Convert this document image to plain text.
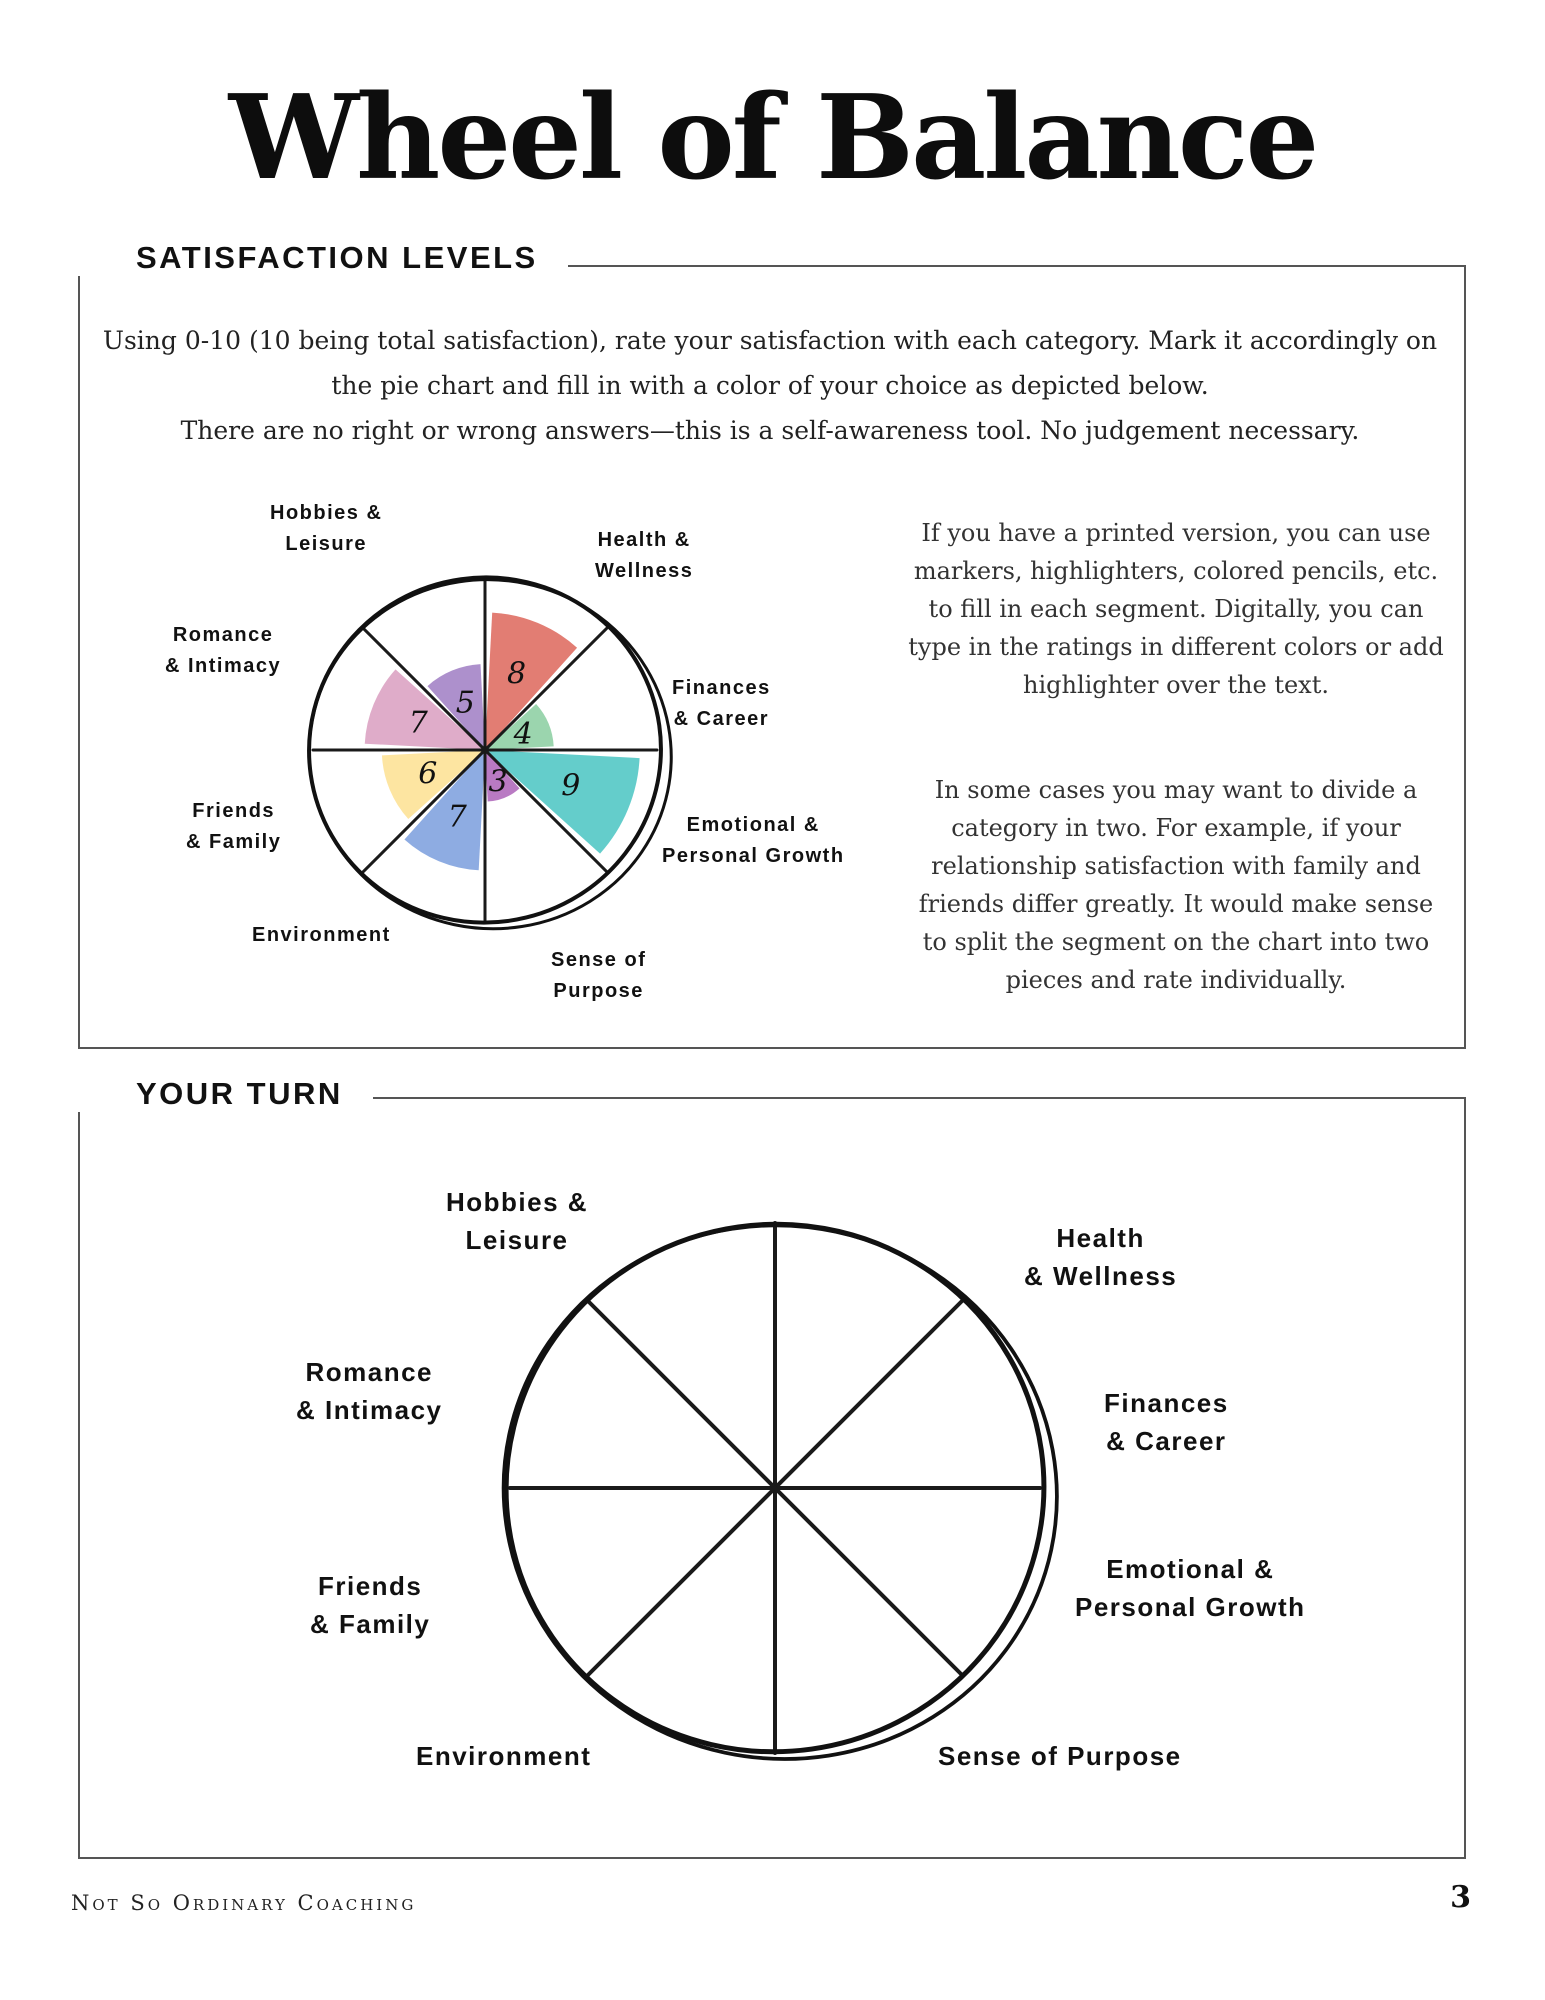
Wheel of Balance
SATISFACTION LEVELS

Using 0-10 (10 being total satisfaction), rate your satisfaction with each category. Mark it accordingly on the pie chart and fill in with a color of your choice as depicted below.

There are no right or wrong answers—this is a self-awareness tool. No judgement necessary.

8
4
9
3
7
6
7
5
Hobbies &
Leisure	Health &
Wellness
Romance
& Intimacy
Finances
& Career
Friends
& Family
Emotional &
Personal Growth
Environment
Sense of
Purpose
If you have a printed version, you can use markers, highlighters, colored pencils, etc. to fill in each segment. Digitally, you can type in the ratings in different colors or add highlighter over the text.
In some cases you may want to divide a category in two. For example, if your relationship satisfaction with family and friends differ greatly. It would make sense to split the segment on the chart into two pieces and rate individually.
YOUR TURN
Hobbies &
Leisure	Health
& Wellness
Romance
& Intimacy	Finances
& Career
Friends
& Family
Emotional &
Personal Growth
Environment	Sense of Purpose
Not So Ordinary Coaching	3
